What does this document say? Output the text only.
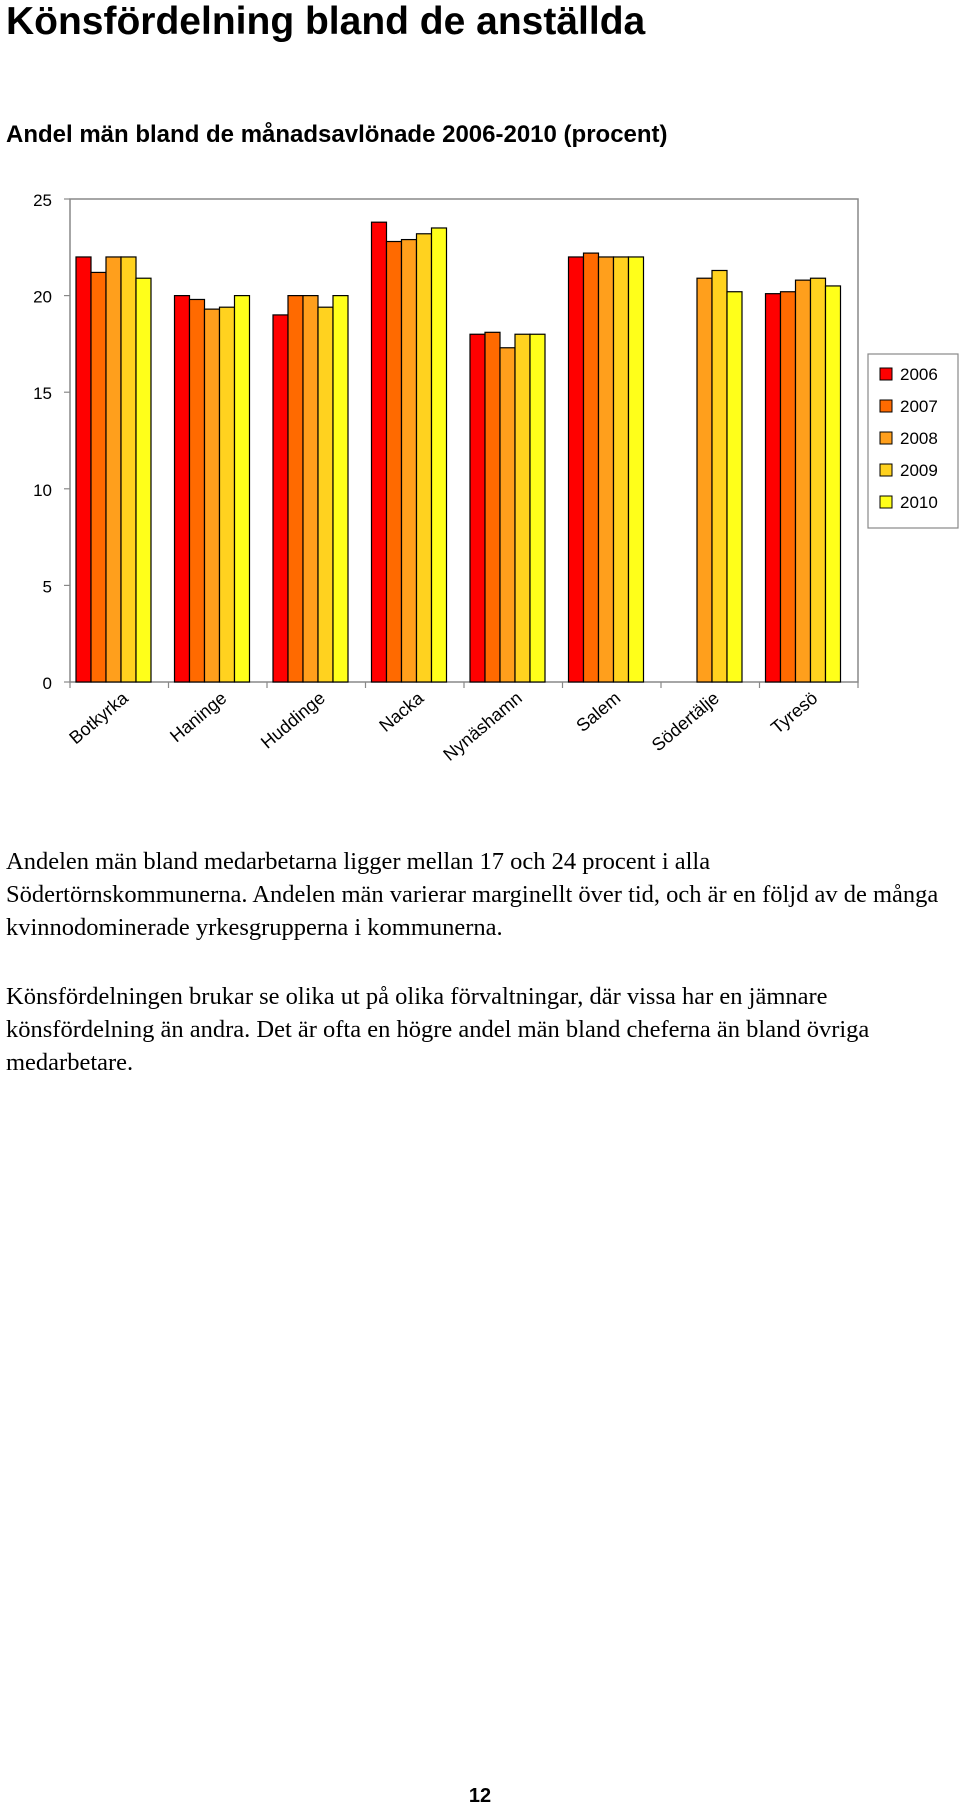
Könsfördelning bland de anställda
Andel män bland de månadsavlönade 2006-2010 (procent)
0
5
10
15
20
25
Botkyrka Haninge Huddinge	Nacka Nynäshamn	Salem Södertälje Tyresö
2006
2007
2008
2009
2010

Andelen män bland medarbetarna ligger mellan 17 och 24 procent i alla Södertörnskommunerna. Andelen män varierar marginellt över tid, och är en följd av de många kvinnodominerade yrkesgrupperna i kommunerna.

Könsfördelningen brukar se olika ut på olika förvaltningar, där vissa har en jämnare könsfördelning än andra. Det är ofta en högre andel män bland cheferna än bland övriga medarbetare.

12
